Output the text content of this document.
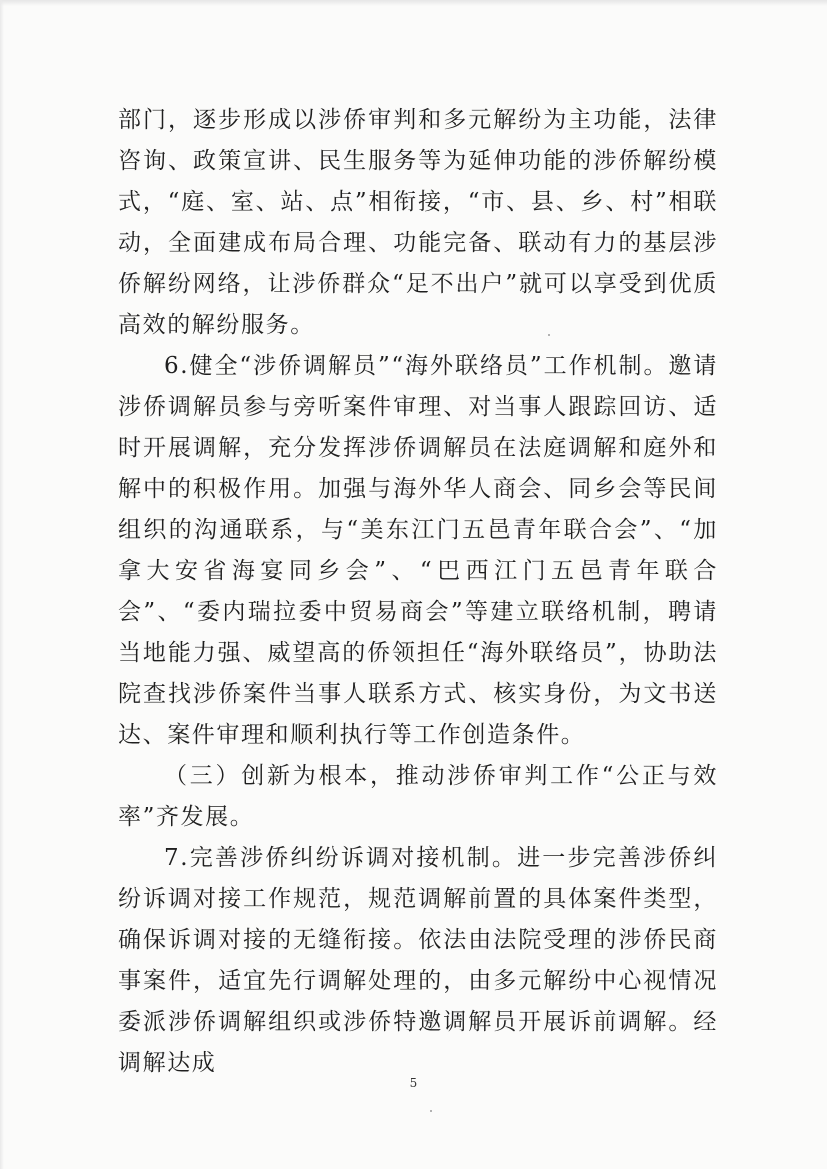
部门，逐步形成以涉侨审判和多元解纷为主功能，法律咨询、政策宣讲、民生服务等为延伸功能的涉侨解纷模式，“庭、室、站、点”相衔接，“市、县、乡、村”相联动，全面建成布局合理、功能完备、联动有力的基层涉侨解纷网络，让涉侨群众“足不出户”就可以享受到优质高效的解纷服务。

6.健全“涉侨调解员”“海外联络员”工作机制。邀请涉侨调解员参与旁听案件审理、对当事人跟踪回访、适时开展调解，充分发挥涉侨调解员在法庭调解和庭外和解中的积极作用。加强与海外华人商会、同乡会等民间组织的沟通联系，与“美东江门五邑青年联合会”、“加拿大安省海宴同乡会”、“巴西江门五邑青年联合会”、“委内瑞拉委中贸易商会”等建立联络机制，聘请当地能力强、威望高的侨领担任“海外联络员”，协助法院查找涉侨案件当事人联系方式、核实身份，为文书送达、案件审理和顺利执行等工作创造条件。

（三）创新为根本，推动涉侨审判工作“公正与效率”齐发展。

7.完善涉侨纠纷诉调对接机制。进一步完善涉侨纠纷诉调对接工作规范，规范调解前置的具体案件类型，确保诉调对接的无缝衔接。依法由法院受理的涉侨民商事案件，适宜先行调解处理的，由多元解纷中心视情况委派涉侨调解组织或涉侨特邀调解员开展诉前调解。经调解达成

5
